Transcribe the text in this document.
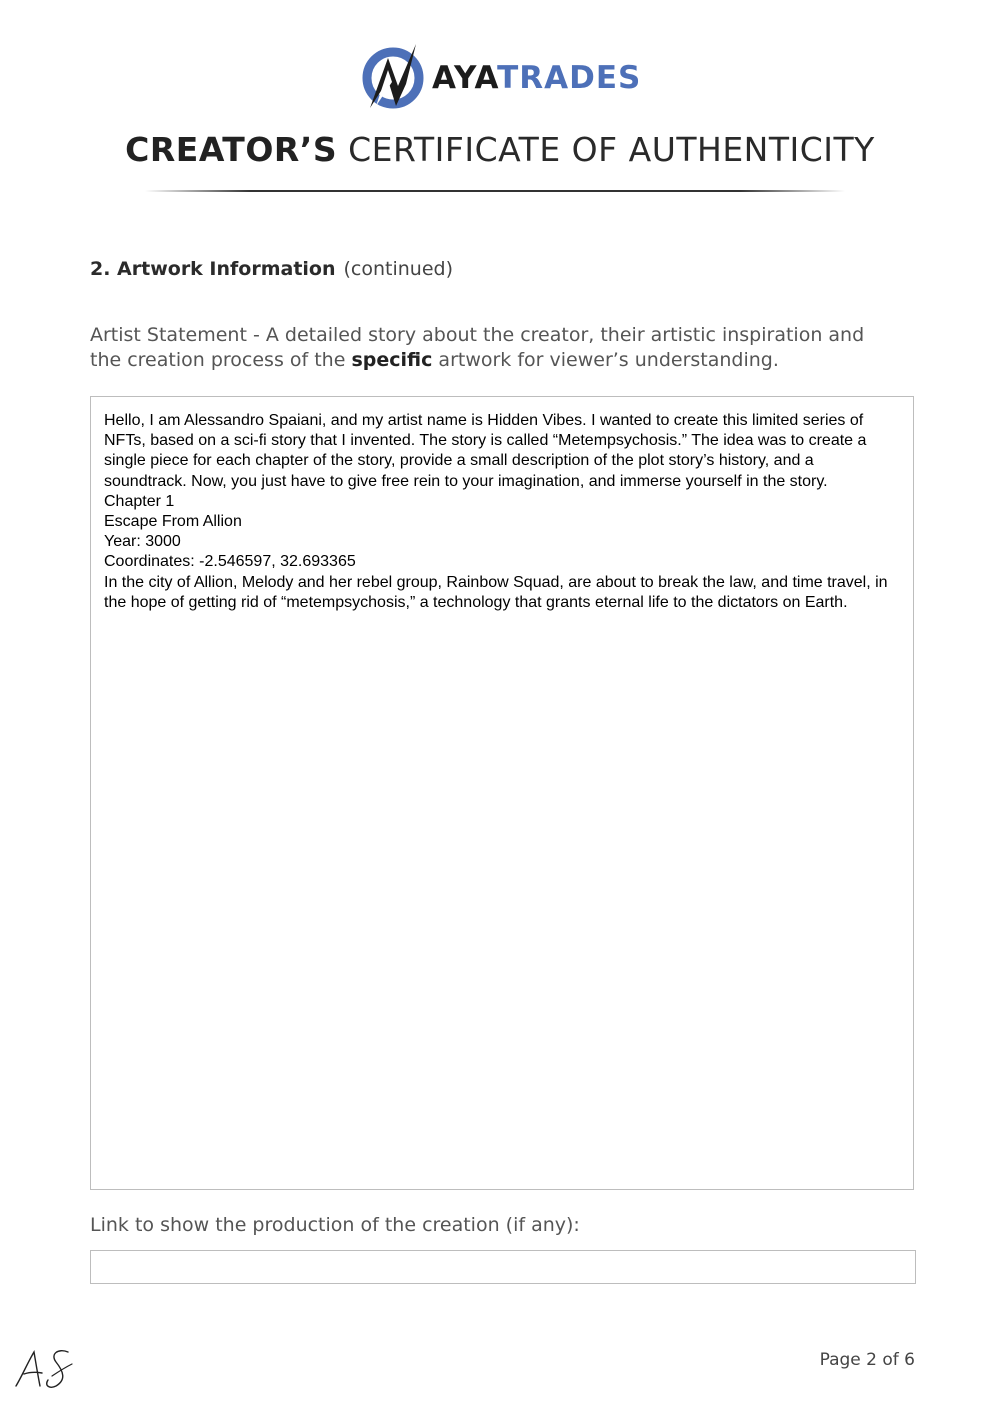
AYATRADES
CREATOR’S CERTIFICATE OF AUTHENTICITY
2. Artwork Information (continued)
Artist Statement - A detailed story about the creator, their artistic inspiration and the creation process of the specific artwork for viewer’s understanding.
Hello, I am Alessandro Spaiani, and my artist name is Hidden Vibes. I wanted to create this limited series of NFTs, based on a sci-fi story that I invented. The story is called “Metempsychosis.” The idea was to create a single piece for each chapter of the story, provide a small description of the plot story’s history, and a soundtrack. Now, you just have to give free rein to your imagination, and immerse yourself in the story.
Chapter 1
Escape From Allion
Year: 3000
Coordinates: -2.546597, 32.693365
In the city of Allion, Melody and her rebel group, Rainbow Squad, are about to break the law, and time travel, in the hope of getting rid of “metempsychosis,” a technology that grants eternal life to the dictators on Earth.
Link to show the production of the creation (if any):
Page 2 of 6
